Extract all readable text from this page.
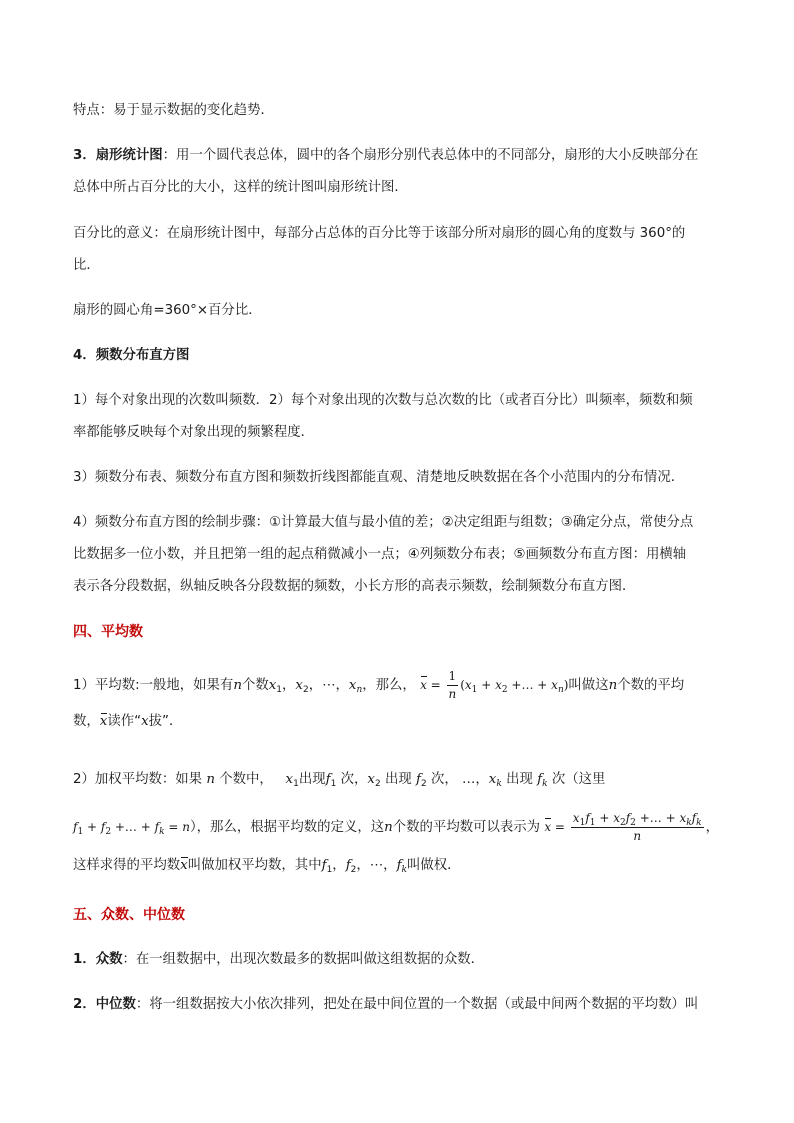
特点：易于显示数据的变化趋势．
3．扇形统计图：用一个圆代表总体，圆中的各个扇形分别代表总体中的不同部分，扇形的大小反映部分在
总体中所占百分比的大小，这样的统计图叫扇形统计图．
百分比的意义：在扇形统计图中，每部分占总体的百分比等于该部分所对扇形的圆心角的度数与 360°的
比．
扇形的圆心角=360°×百分比．
4．频数分布直方图
1）每个对象出现的次数叫频数．2）每个对象出现的次数与总次数的比（或者百分比）叫频率，频数和频
率都能够反映每个对象出现的频繁程度．
3）频数分布表、频数分布直方图和频数折线图都能直观、清楚地反映数据在各个小范围内的分布情况．
4）频数分布直方图的绘制步骤：①计算最大值与最小值的差；②决定组距与组数；③确定分点，常使分点
比数据多一位小数，并且把第一组的起点稍微减小一点；④列频数分布表；⑤画频数分布直方图：用横轴
表示各分段数据，纵轴反映各分段数据的频数，小长方形的高表示频数，绘制频数分布直方图．
四、平均数
1）平均数:一般地，如果有n个数$x_1$，$x_2$，⋯，$x_n$，那么， $x = \frac{1}{n} (x_1 + x_2$ +… + $x_n$)叫做这n个数的平均
数，x读作“x拔”．
2）加权平均数：如果 n 个数中， $x_1$出现$f_1$ 次，$x_2$ 出现 $f_2$ 次， …，$x_k$ 出现 $f_k$ 次（这里
$f_1 + f_2$ +… + $f_k = n$），那么，根据平均数的定义，这n个数的平均数可以表示为 $x = \frac{x_1f_1 + x_2f_2 +\dots + x_kf_k}{n}$ ，
这样求得的平均数x叫做加权平均数，其中$f_1$，$f_2$，⋯，$f_k$叫做权．
五、众数、中位数
1．众数：在一组数据中，出现次数最多的数据叫做这组数据的众数．
2．中位数：将一组数据按大小依次排列，把处在最中间位置的一个数据（或最中间两个数据的平均数）叫
